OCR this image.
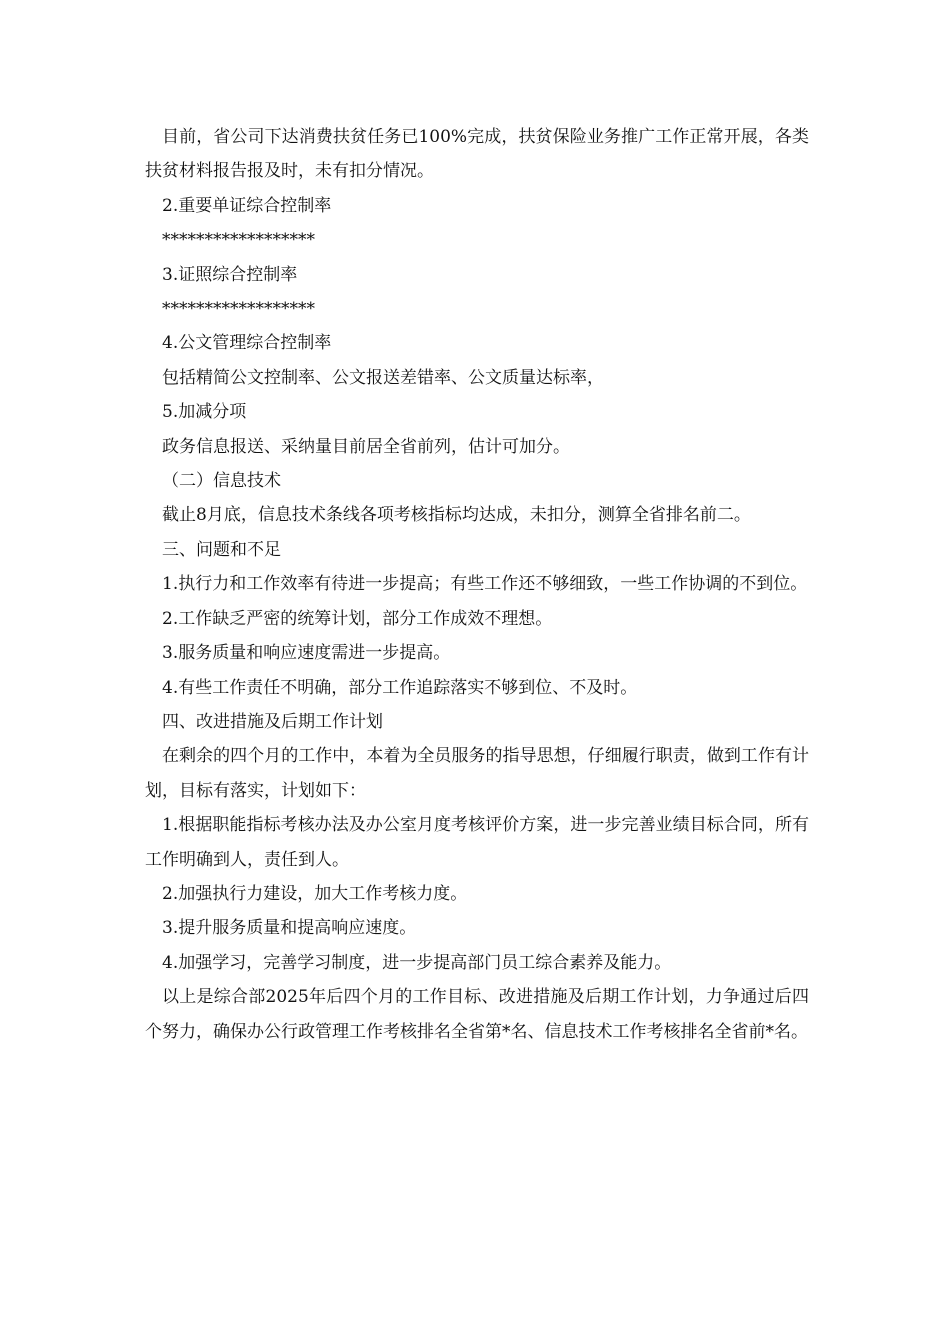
目前，省公司下达消费扶贫任务已100%完成，扶贫保险业务推广工作正常开展，各类扶贫材料报告报及时，未有扣分情况。

2.重要单证综合控制率

******************

3.证照综合控制率

******************

4.公文管理综合控制率

包括精简公文控制率、公文报送差错率、公文质量达标率，

5.加减分项

政务信息报送、采纳量目前居全省前列，估计可加分。

（二）信息技术

截止8月底，信息技术条线各项考核指标均达成，未扣分，测算全省排名前二。

三、问题和不足

1.执行力和工作效率有待进一步提高；有些工作还不够细致，一些工作协调的不到位。

2.工作缺乏严密的统筹计划，部分工作成效不理想。

3.服务质量和响应速度需进一步提高。

4.有些工作责任不明确，部分工作追踪落实不够到位、不及时。

四、改进措施及后期工作计划

在剩余的四个月的工作中，本着为全员服务的指导思想，仔细履行职责，做到工作有计划，目标有落实，计划如下：

1.根据职能指标考核办法及办公室月度考核评价方案，进一步完善业绩目标合同，所有工作明确到人，责任到人。

2.加强执行力建设，加大工作考核力度。

3.提升服务质量和提高响应速度。

4.加强学习，完善学习制度，进一步提高部门员工综合素养及能力。

以上是综合部2025年后四个月的工作目标、改进措施及后期工作计划，力争通过后四个努力，确保办公行政管理工作考核排名全省第*名、信息技术工作考核排名全省前*名。
